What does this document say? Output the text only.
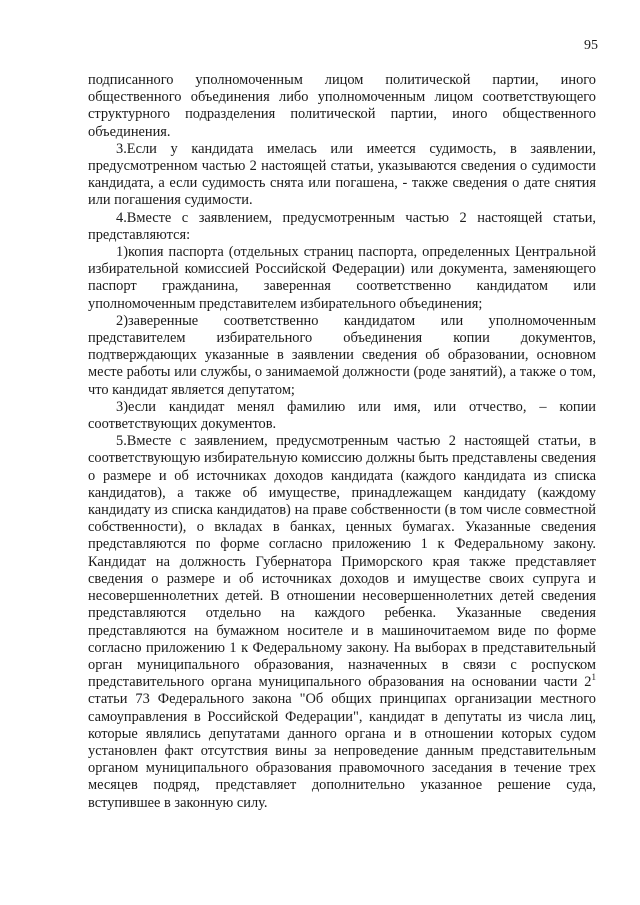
95

подписанного уполномоченным лицом политической партии, иного общественного объединения либо уполномоченным лицом соответствующего структурного подразделения политической партии, иного общественного объединения.

3.Если у кандидата имелась или имеется судимость, в заявлении, предусмотренном частью 2 настоящей статьи, указываются сведения о судимости кандидата, а если судимость снята или погашена, - также сведения о дате снятия или погашения судимости.

4.Вместе с заявлением, предусмотренным частью 2 настоящей статьи, представляются:

1)копия паспорта (отдельных страниц паспорта, определенных Центральной избирательной комиссией Российской Федерации) или документа, заменяющего паспорт гражданина, заверенная соответственно кандидатом или уполномоченным представителем избирательного объединения;

2)заверенные соответственно кандидатом или уполномоченным представителем избирательного объединения копии документов, подтверждающих указанные в заявлении сведения об образовании, основном месте работы или службы, о занимаемой должности (роде занятий), а также о том, что кандидат является депутатом;

3)если кандидат менял фамилию или имя, или отчество, – копии соответствующих документов.

5.Вместе с заявлением, предусмотренным частью 2 настоящей статьи, в соответствующую избирательную комиссию должны быть представлены сведения о размере и об источниках доходов кандидата (каждого кандидата из списка кандидатов), а также об имуществе, принадлежащем кандидату (каждому кандидату из списка кандидатов) на праве собственности (в том числе совместной собственности), о вкладах в банках, ценных бумагах. Указанные сведения представляются по форме согласно приложению 1 к Федеральному закону. Кандидат на должность Губернатора Приморского края также представляет сведения о размере и об источниках доходов и имуществе своих супруга и несовершеннолетних детей. В отношении несовершеннолетних детей сведения представляются отдельно на каждого ребенка. Указанные сведения представляются на бумажном носителе и в машиночитаемом виде по форме согласно приложению 1 к Федеральному закону. На выборах в представительный орган муниципального образования, назначенных в связи с роспуском представительного органа муниципального образования на основании части $2^1$ статьи 73 Федерального закона "Об общих принципах организации местного самоуправления в Российской Федерации", кандидат в депутаты из числа лиц, которые являлись депутатами данного органа и в отношении которых судом установлен факт отсутствия вины за непроведение данным представительным органом муниципального образования правомочного заседания в течение трех месяцев подряд, представляет дополнительно указанное решение суда, вступившее в законную силу.
